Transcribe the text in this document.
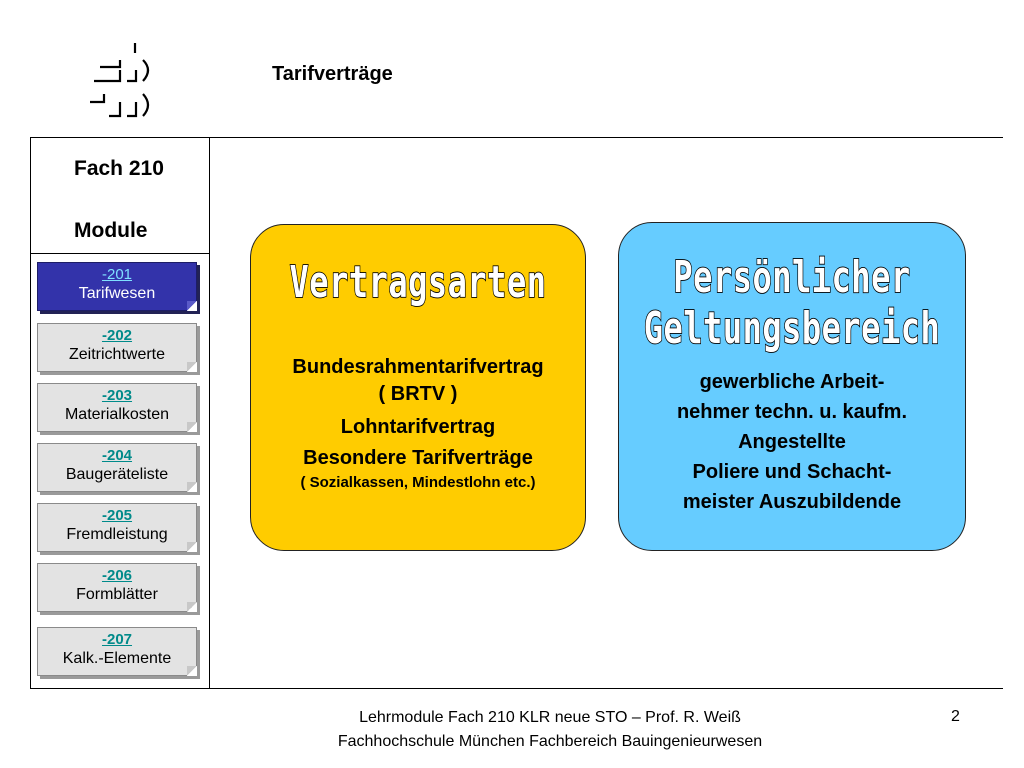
Tarifverträge
Fach 210
Module
-201
Tarifwesen
-202
Zeitrichtwerte
-203
Materialkosten
-204
Baugeräteliste
-205
Fremdleistung
-206
Formblätter
-207
Kalk.-Elemente
Vertragsarten
Bundesrahmentarifvertrag
( BRTV )
Lohntarifvertrag
Besondere Tarifverträge
( Sozialkassen, Mindestlohn etc.)
Persönlicher
Geltungsbereich
gewerbliche Arbeit-
nehmer techn. u. kaufm.
Angestellte
Poliere und Schacht-
meister Auszubildende
Lehrmodule Fach 210 KLR neue STO – Prof. R. Weiß
Fachhochschule München Fachbereich Bauingenieurwesen
2
